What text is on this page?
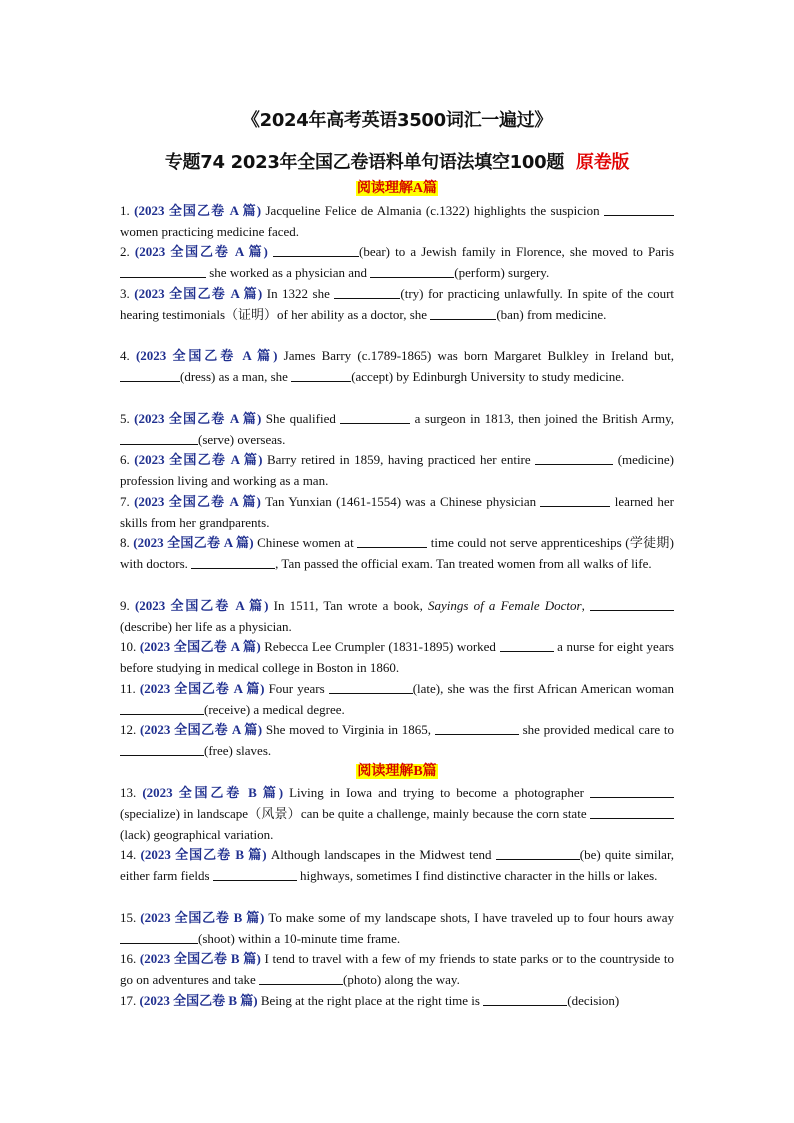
《2024年高考英语3500词汇一遍过》
专题74 2023年全国乙卷语料单句语法填空100题 原卷版
阅读理解A篇
1. (2023 全国乙卷 A 篇) Jacqueline Felice de Almania (c.1322) highlights the suspicion  women practicing medicine faced.
2. (2023 全国乙卷 A 篇)	(bear) to a Jewish family in Florence, she moved to Paris  she worked as a physician and	(perform) surgery.
3. (2023 全国乙卷 A 篇) In 1322 she	(try) for practicing unlawfully. In spite of the court hearing testimonials（证明）of her ability as a doctor, she	(ban) from medicine.
4. (2023 全国乙卷 A 篇) James Barry (c.1789-1865) was born Margaret Bulkley in Ireland but, (dress) as a man, she	(accept) by Edinburgh University to study medicine.
5. (2023 全国乙卷 A 篇) She qualified	a surgeon in 1813, then joined the British Army, (serve) overseas.
6. (2023 全国乙卷 A 篇) Barry retired in 1859, having practiced her entire	(medicine) profession living and working as a man.
7. (2023 全国乙卷 A 篇) Tan Yunxian (1461-1554) was a Chinese physician	learned her skills from her grandparents.
8. (2023 全国乙卷 A 篇) Chinese women at	time could not serve apprenticeships (学徒期) with doctors.	, Tan passed the official exam. Tan treated women from all walks of life.
9. (2023 全国乙卷 A 篇) In 1511, Tan wrote a book, Sayings of a Female Doctor, (describe) her life as a physician.
10. (2023 全国乙卷 A 篇) Rebecca Lee Crumpler (1831-1895) worked	a nurse for eight years before studying in medical college in Boston in 1860.
11. (2023 全国乙卷 A 篇) Four years	(late), she was the first African American woman (receive) a medical degree.
12. (2023 全国乙卷 A 篇) She moved to Virginia in 1865,	she provided medical care to (free) slaves.
阅读理解B篇
13. (2023 全国乙卷 B 篇) Living in Iowa and trying to become a photographer  (specialize) in landscape（风景）can be quite a challenge, mainly because the corn state  (lack) geographical variation.
14. (2023 全国乙卷 B 篇) Although landscapes in the Midwest tend	(be) quite similar, either farm fields	highways, sometimes I find distinctive character in the hills or lakes.
15. (2023 全国乙卷 B 篇) To make some of my landscape shots, I have traveled up to four hours away (shoot) within a 10-minute time frame.
16. (2023 全国乙卷 B 篇) I tend to travel with a few of my friends to state parks or to the countryside to go on adventures and take	(photo) along the way.
17. (2023 全国乙卷 B 篇) Being at the right place at the right time is	(decision)
